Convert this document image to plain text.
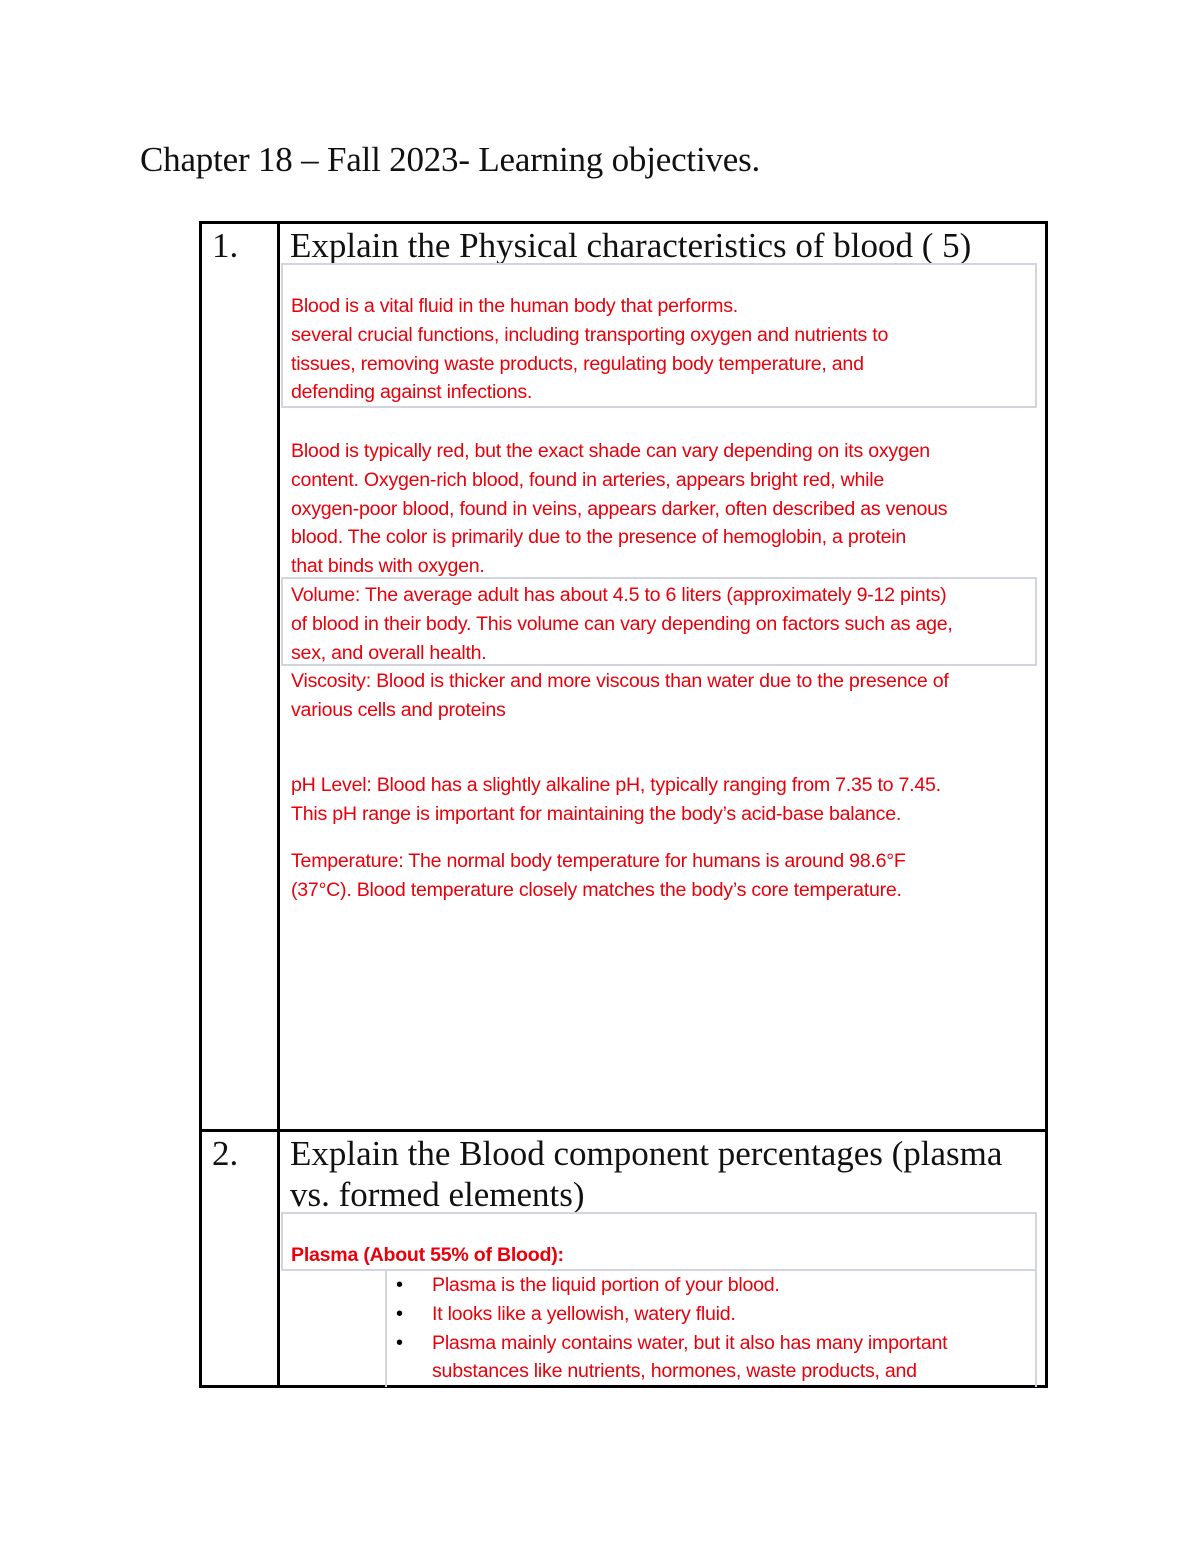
Chapter 18 – Fall 2023- Learning objectives.
1. Explain the Physical characteristics of blood ( 5)
Blood is a vital fluid in the human body that performs.
several crucial functions, including transporting oxygen and nutrients to
tissues, removing waste products, regulating body temperature, and
defending against infections.
Blood is typically red, but the exact shade can vary depending on its oxygen
content. Oxygen-rich blood, found in arteries, appears bright red, while
oxygen-poor blood, found in veins, appears darker, often described as venous
blood. The color is primarily due to the presence of hemoglobin, a protein
that binds with oxygen.
Volume: The average adult has about 4.5 to 6 liters (approximately 9-12 pints)
of blood in their body. This volume can vary depending on factors such as age,
sex, and overall health.
Viscosity: Blood is thicker and more viscous than water due to the presence of
various cells and proteins
pH Level: Blood has a slightly alkaline pH, typically ranging from 7.35 to 7.45.
This pH range is important for maintaining the body’s acid-base balance.
Temperature: The normal body temperature for humans is around 98.6°F
(37°C). Blood temperature closely matches the body’s core temperature.
2. Explain the Blood component percentages (plasma vs. formed elements)
Plasma (About 55% of Blood):
• Plasma is the liquid portion of your blood.
• It looks like a yellowish, watery fluid.
• Plasma mainly contains water, but it also has many important substances like nutrients, hormones, waste products, and
